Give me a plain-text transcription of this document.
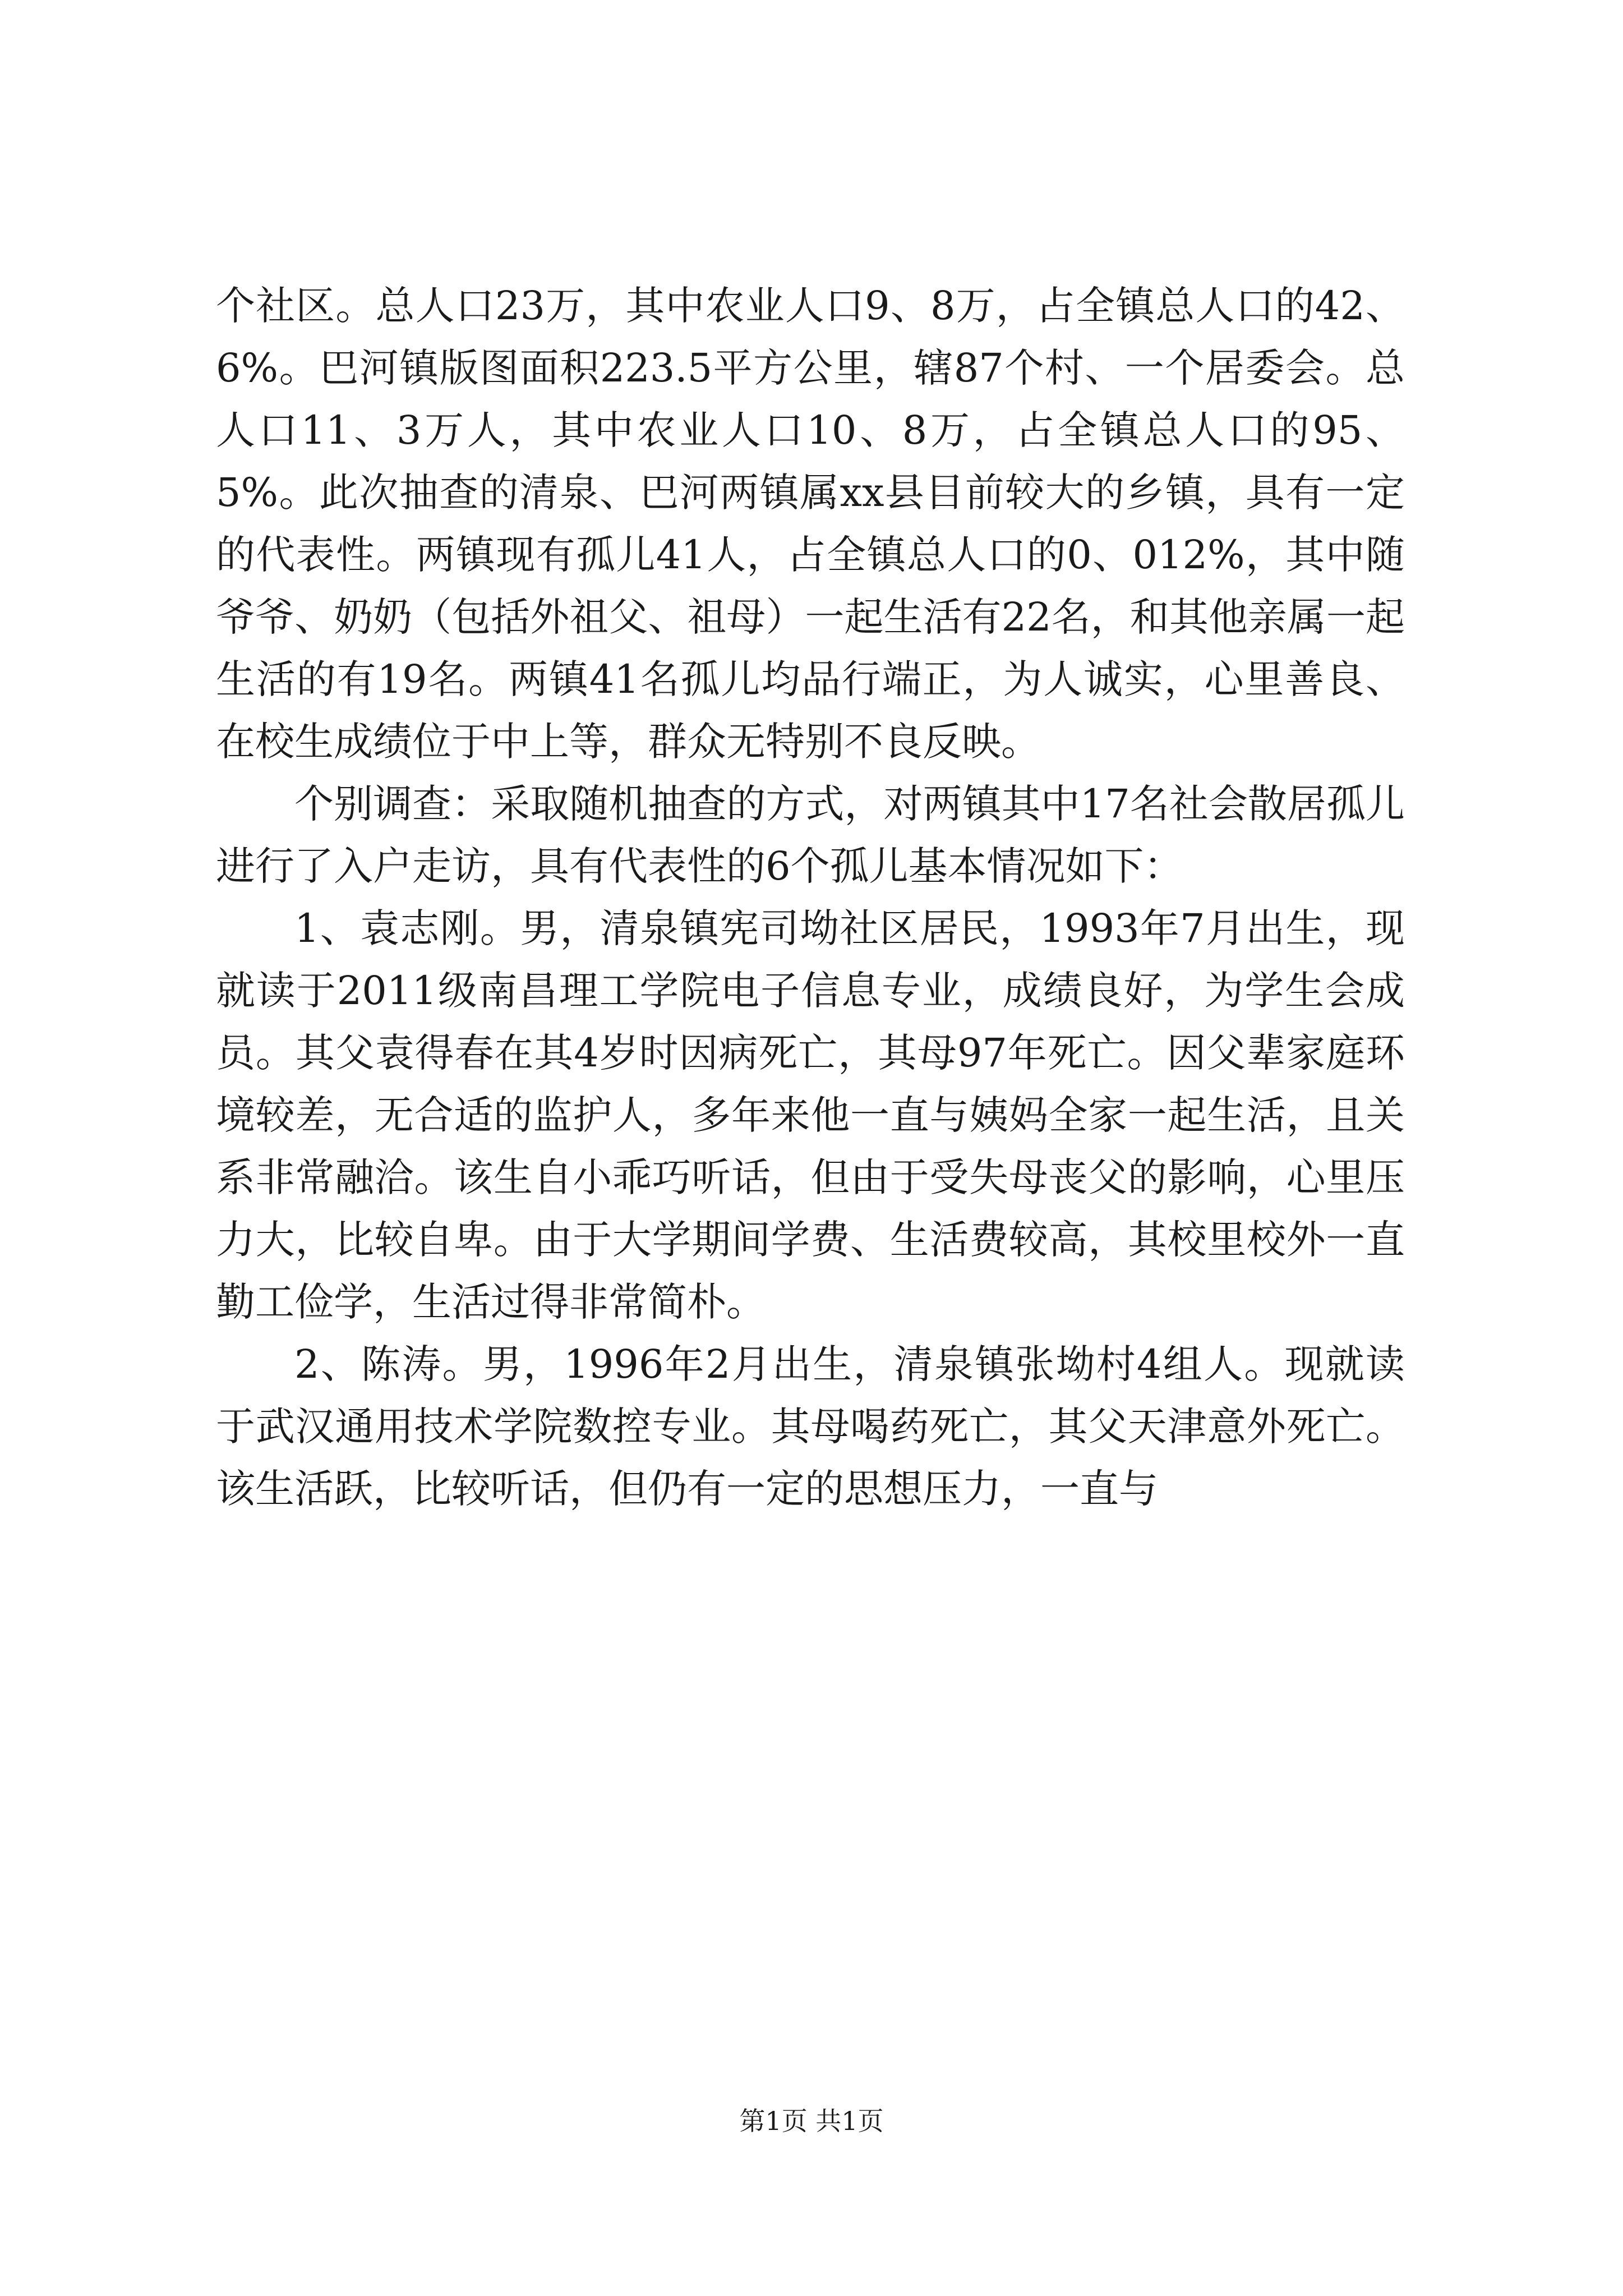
个社区。总人口23万，其中农业人口9、8万，占全镇总人口的42、6%。巴河镇版图面积223.5平方公里，辖87个村、一个居委会。总人口11、3万人，其中农业人口10、8万，占全镇总人口的95、5%。此次抽查的清泉、巴河两镇属xx县目前较大的乡镇，具有一定的代表性。两镇现有孤儿41人，占全镇总人口的0、012%，其中随爷爷、奶奶（包括外祖父、祖母）一起生活有22名，和其他亲属一起生活的有19名。两镇41名孤儿均品行端正，为人诚实，心里善良、在校生成绩位于中上等，群众无特别不良反映。

个别调查：采取随机抽查的方式，对两镇其中17名社会散居孤儿进行了入户走访，具有代表性的6个孤儿基本情况如下：

1、袁志刚。男，清泉镇宪司坳社区居民，1993年7月出生，现就读于2011级南昌理工学院电子信息专业，成绩良好，为学生会成员。其父袁得春在其4岁时因病死亡，其母97年死亡。因父辈家庭环境较差，无合适的监护人，多年来他一直与姨妈全家一起生活，且关系非常融洽。该生自小乖巧听话，但由于受失母丧父的影响，心里压力大，比较自卑。由于大学期间学费、生活费较高，其校里校外一直勤工俭学，生活过得非常简朴。

2、陈涛。男，1996年2月出生，清泉镇张坳村4组人。现就读于武汉通用技术学院数控专业。其母喝药死亡，其父天津意外死亡。该生活跃，比较听话，但仍有一定的思想压力，一直与

第1页 共1页
